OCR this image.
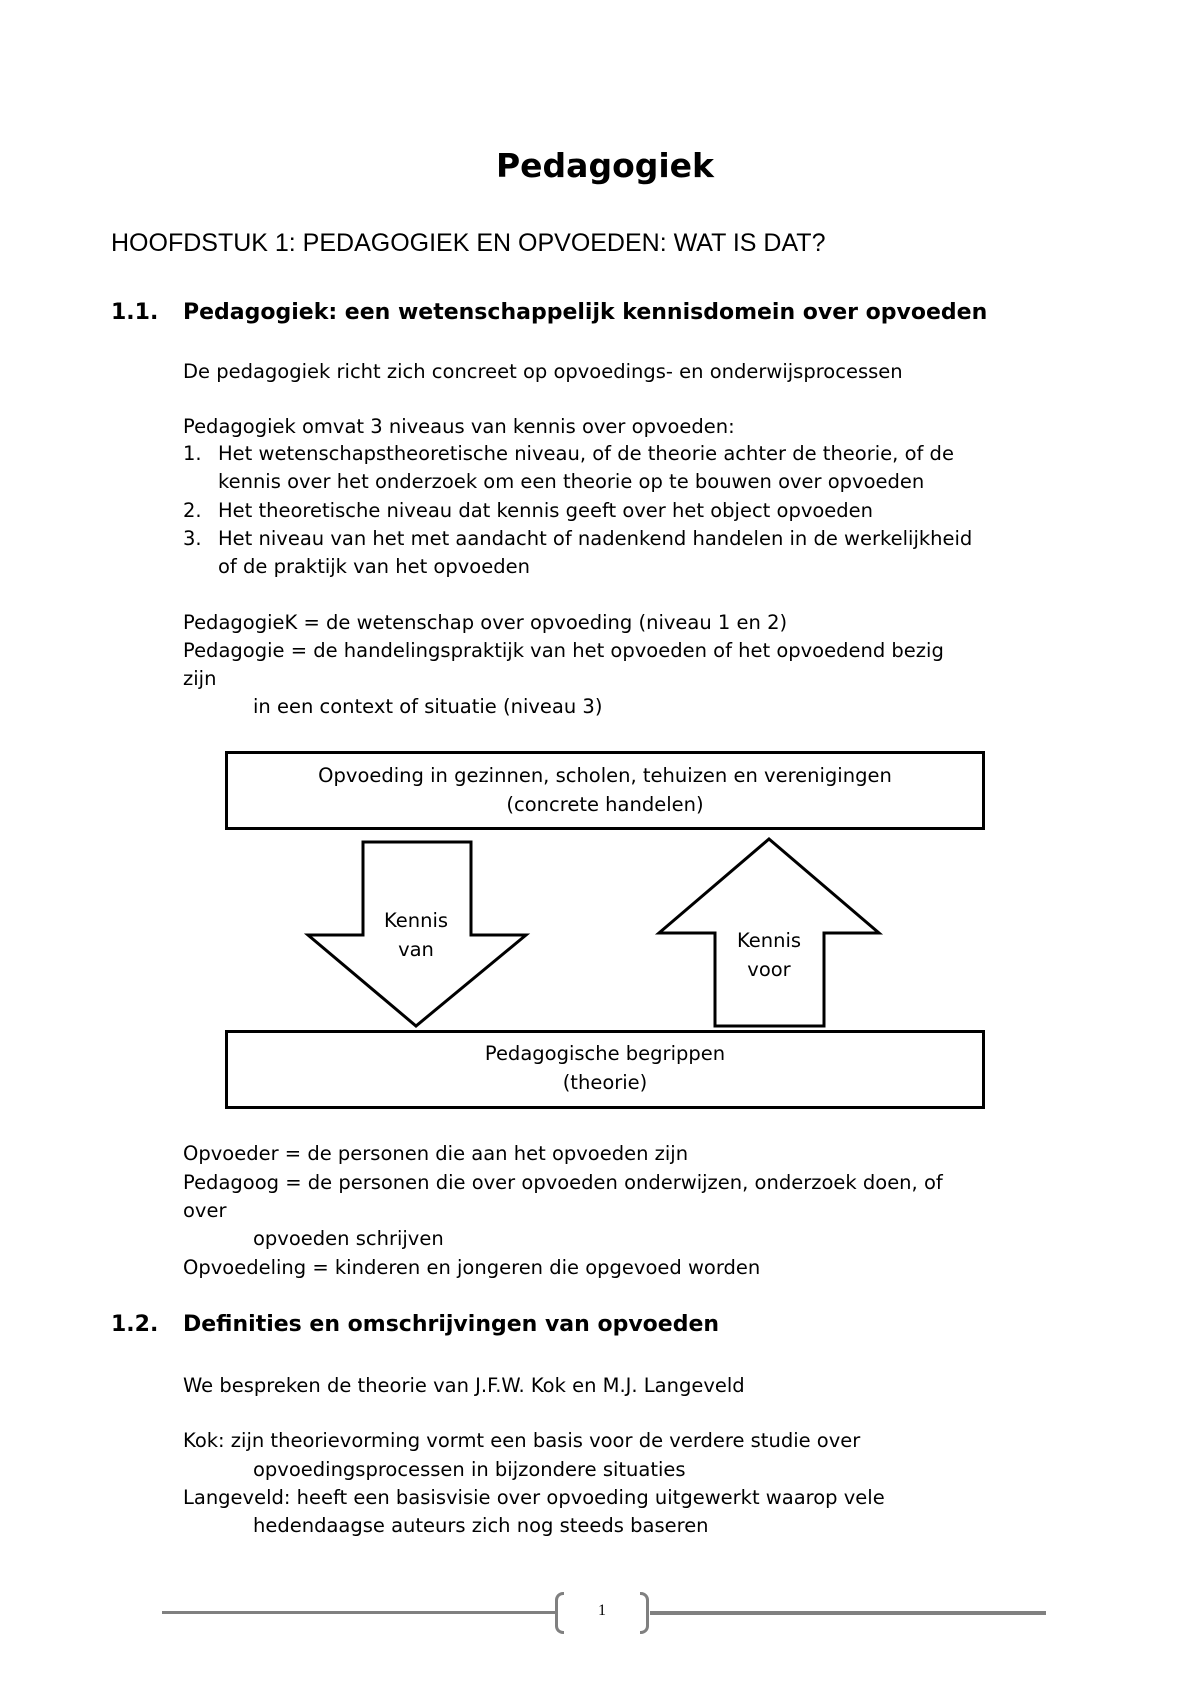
Pedagogiek
HOOFDSTUK 1: PEDAGOGIEK EN OPVOEDEN: WAT IS DAT?
1.1. Pedagogiek: een wetenschappelijk kennisdomein over opvoeden
De pedagogiek richt zich concreet op opvoedings- en onderwijsprocessen
Pedagogiek omvat 3 niveaus van kennis over opvoeden:
1. Het wetenschapstheoretische niveau, of de theorie achter de theorie, of de
kennis over het onderzoek om een theorie op te bouwen over opvoeden
2. Het theoretische niveau dat kennis geeft over het object opvoeden
3. Het niveau van het met aandacht of nadenkend handelen in de werkelijkheid
of de praktijk van het opvoeden
PedagogieK = de wetenschap over opvoeding (niveau 1 en 2)
Pedagogie = de handelingspraktijk van het opvoeden of het opvoedend bezig
zijn
in een context of situatie (niveau 3)
Opvoeding in gezinnen, scholen, tehuizen en verenigingen
(concrete handelen)
Kennis
van	Kennis
voor
Pedagogische begrippen
(theorie)
Opvoeder = de personen die aan het opvoeden zijn
Pedagoog = de personen die over opvoeden onderwijzen, onderzoek doen, of
over
opvoeden schrijven
Opvoedeling = kinderen en jongeren die opgevoed worden
1.2. Definities en omschrijvingen van opvoeden
We bespreken de theorie van J.F.W. Kok en M.J. Langeveld
Kok: zijn theorievorming vormt een basis voor de verdere studie over
opvoedingsprocessen in bijzondere situaties
Langeveld: heeft een basisvisie over opvoeding uitgewerkt waarop vele
hedendaagse auteurs zich nog steeds baseren
1
